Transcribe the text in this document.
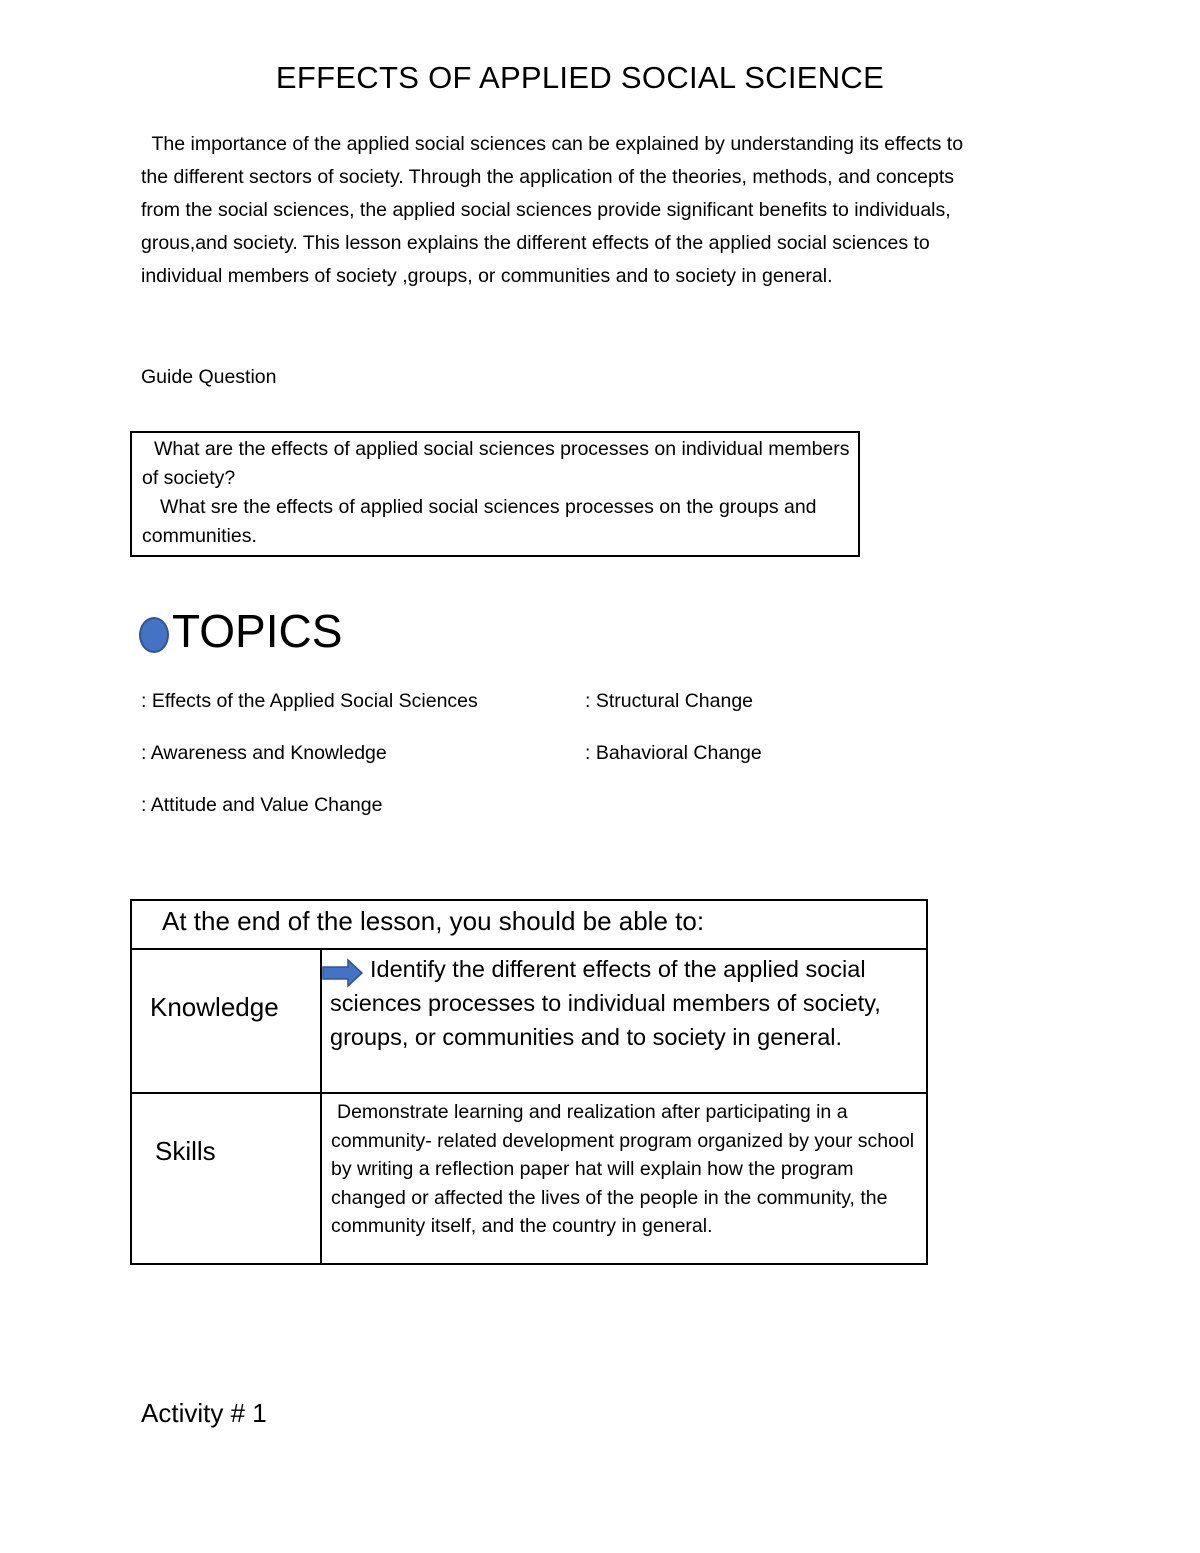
EFFECTS OF APPLIED SOCIAL SCIENCE
The importance of the applied social sciences can be explained by understanding its effects to
the different sectors of society. Through the application of the theories, methods, and concepts
from the social sciences, the applied social sciences provide significant benefits to individuals,
grous,and society. This lesson explains the different effects of the applied social sciences to
individual members of society ,groups, or communities and to society in general.
Guide Question
What are the effects of applied social sciences processes on individual members of society?
What sre the effects of applied social sciences processes on the groups and communities.
TOPICS
: Effects of the Applied Social Sciences
: Awareness and Knowledge
: Attitude and Value Change
: Structural Change
: Bahavioral Change
At the end of the lesson, you should be able to:
Knowledge
Identify the different effects of the applied social sciences processes to individual members of society, groups, or communities and to society in general.
Skills
Demonstrate learning and realization after participating in a community- related development program organized by your school by writing a reflection paper hat will explain how the program changed or affected the lives of the people in the community, the community itself, and the country in general.
Activity # 1
